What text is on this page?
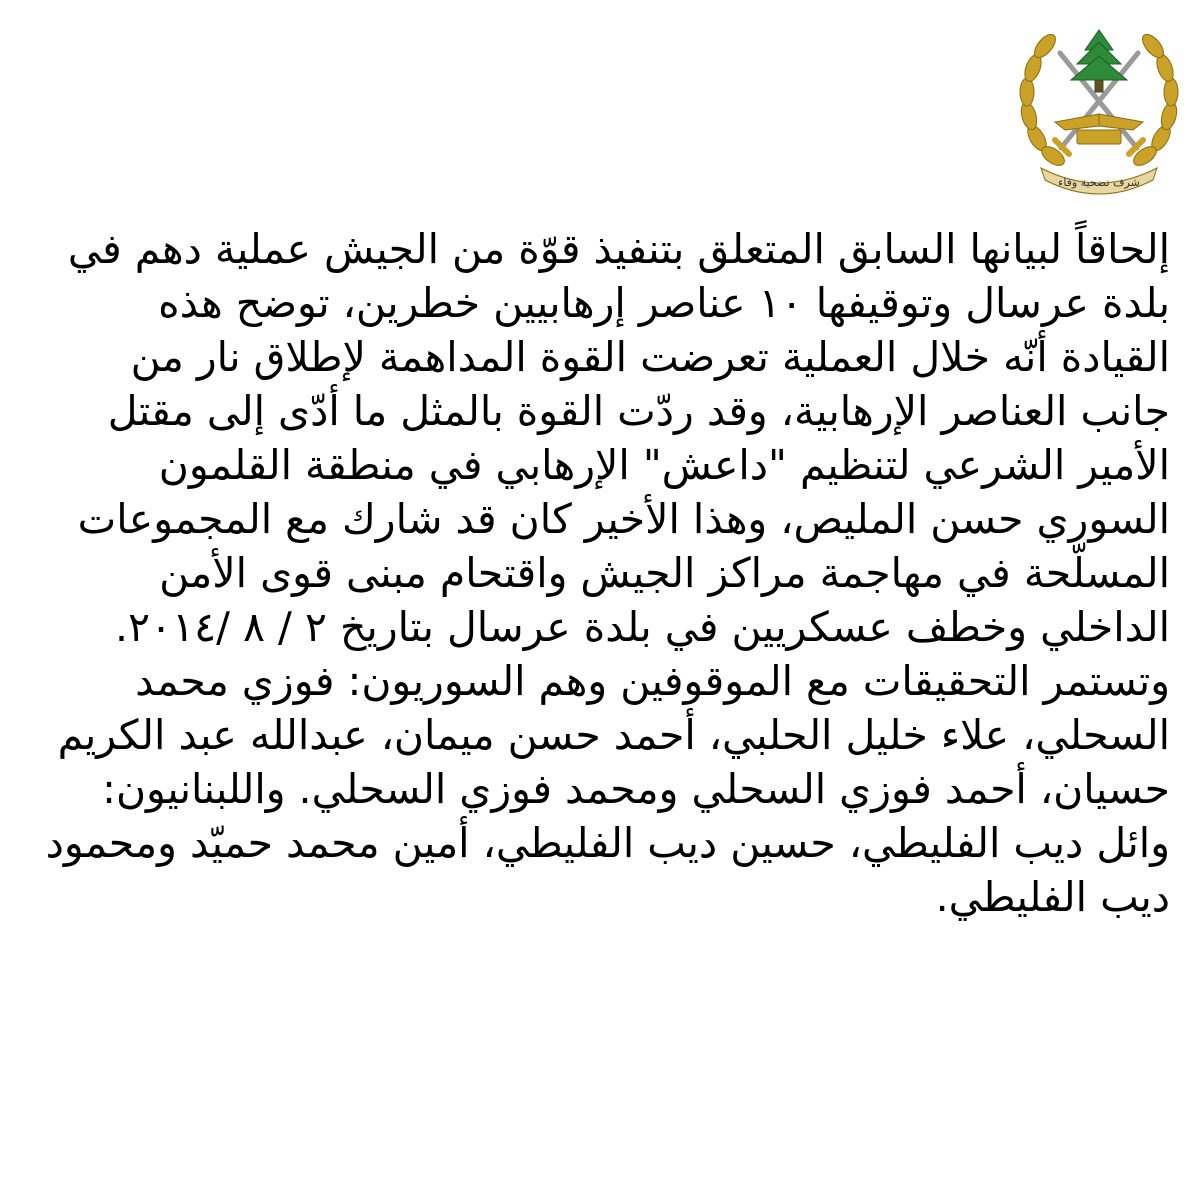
شرف تضحية وفاء

إلحاقاً لبيانها السابق المتعلق بتنفيذ قوّة من الجيش عملية دهم في بلدة عرسال وتوقيفها ١٠ عناصر إرهابيين خطرين، توضح هذه القيادة أنّه خلال العملية تعرضت القوة المداهمة لإطلاق نار من جانب العناصر الإرهابية، وقد ردّت القوة بالمثل ما أدّى إلى مقتل الأمير الشرعي لتنظيم "داعش" الإرهابي في منطقة القلمون السوري حسن المليص، وهذا الأخير كان قد شارك مع المجموعات المسلّحة في مهاجمة مراكز الجيش واقتحام مبنى قوى الأمن الداخلي وخطف عسكريين في بلدة عرسال بتاريخ ٢ / ٨ /٢٠١٤.

وتستمر التحقيقات مع الموقوفين وهم السوريون: فوزي محمد السحلي، علاء خليل الحلبي، أحمد حسن ميمان، عبدالله عبد الكريم حسيان، أحمد فوزي السحلي ومحمد فوزي السحلي. واللبنانيون: وائل ديب الفليطي، حسين ديب الفليطي، أمين محمد حميّد ومحمود ديب الفليطي.
